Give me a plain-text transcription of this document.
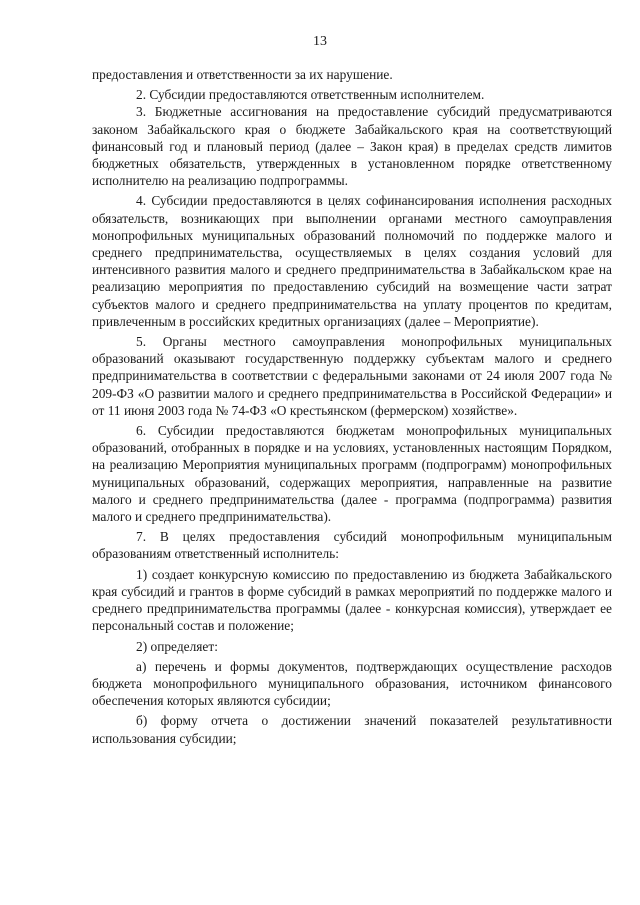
13

предоставления и ответственности за их нарушение.

2. Субсидии предоставляются ответственным исполнителем.

3. Бюджетные ассигнования на предоставление субсидий предусматриваются законом Забайкальского края о бюджете Забайкальского края на соответствующий финансовый год и плановый период (далее – Закон края) в пределах средств лимитов бюджетных обязательств, утвержденных в установленном порядке ответственному исполнителю на реализацию подпрограммы.

4. Субсидии предоставляются в целях софинансирования исполнения расходных обязательств, возникающих при выполнении органами местного самоуправления монопрофильных муниципальных образований полномочий по поддержке малого и среднего предпринимательства, осуществляемых в целях создания условий для интенсивного развития малого и среднего предпринимательства в Забайкальском крае на реализацию мероприятия по предоставлению субсидий на возмещение части затрат субъектов малого и среднего предпринимательства на уплату процентов по кредитам, привлеченным в российских кредитных организациях (далее – Мероприятие).

5. Органы местного самоуправления монопрофильных муниципальных образований оказывают государственную поддержку субъектам малого и среднего предпринимательства в соответствии с федеральными законами от 24 июля 2007 года № 209-ФЗ «О развитии малого и среднего предпринимательства в Российской Федерации» и от 11 июня 2003 года № 74-ФЗ «О крестьянском (фермерском) хозяйстве».

6. Субсидии предоставляются бюджетам монопрофильных муниципальных образований, отобранных в порядке и на условиях, установленных настоящим Порядком, на реализацию Мероприятия муниципальных программ (подпрограмм) монопрофильных муниципальных образований, содержащих мероприятия, направленные на развитие малого и среднего предпринимательства (далее - программа (подпрограмма) развития малого и среднего предпринимательства).

7. В целях предоставления субсидий монопрофильным муниципальным образованиям ответственный исполнитель:

1) создает конкурсную комиссию по предоставлению из бюджета Забайкальского края субсидий и грантов в форме субсидий в рамках мероприятий по поддержке малого и среднего предпринимательства программы (далее - конкурсная комиссия), утверждает ее персональный состав и положение;

2) определяет:

а) перечень и формы документов, подтверждающих осуществление расходов бюджета монопрофильного муниципального образования, источником финансового обеспечения которых являются субсидии;

б) форму отчета о достижении значений показателей результативности использования субсидии;
